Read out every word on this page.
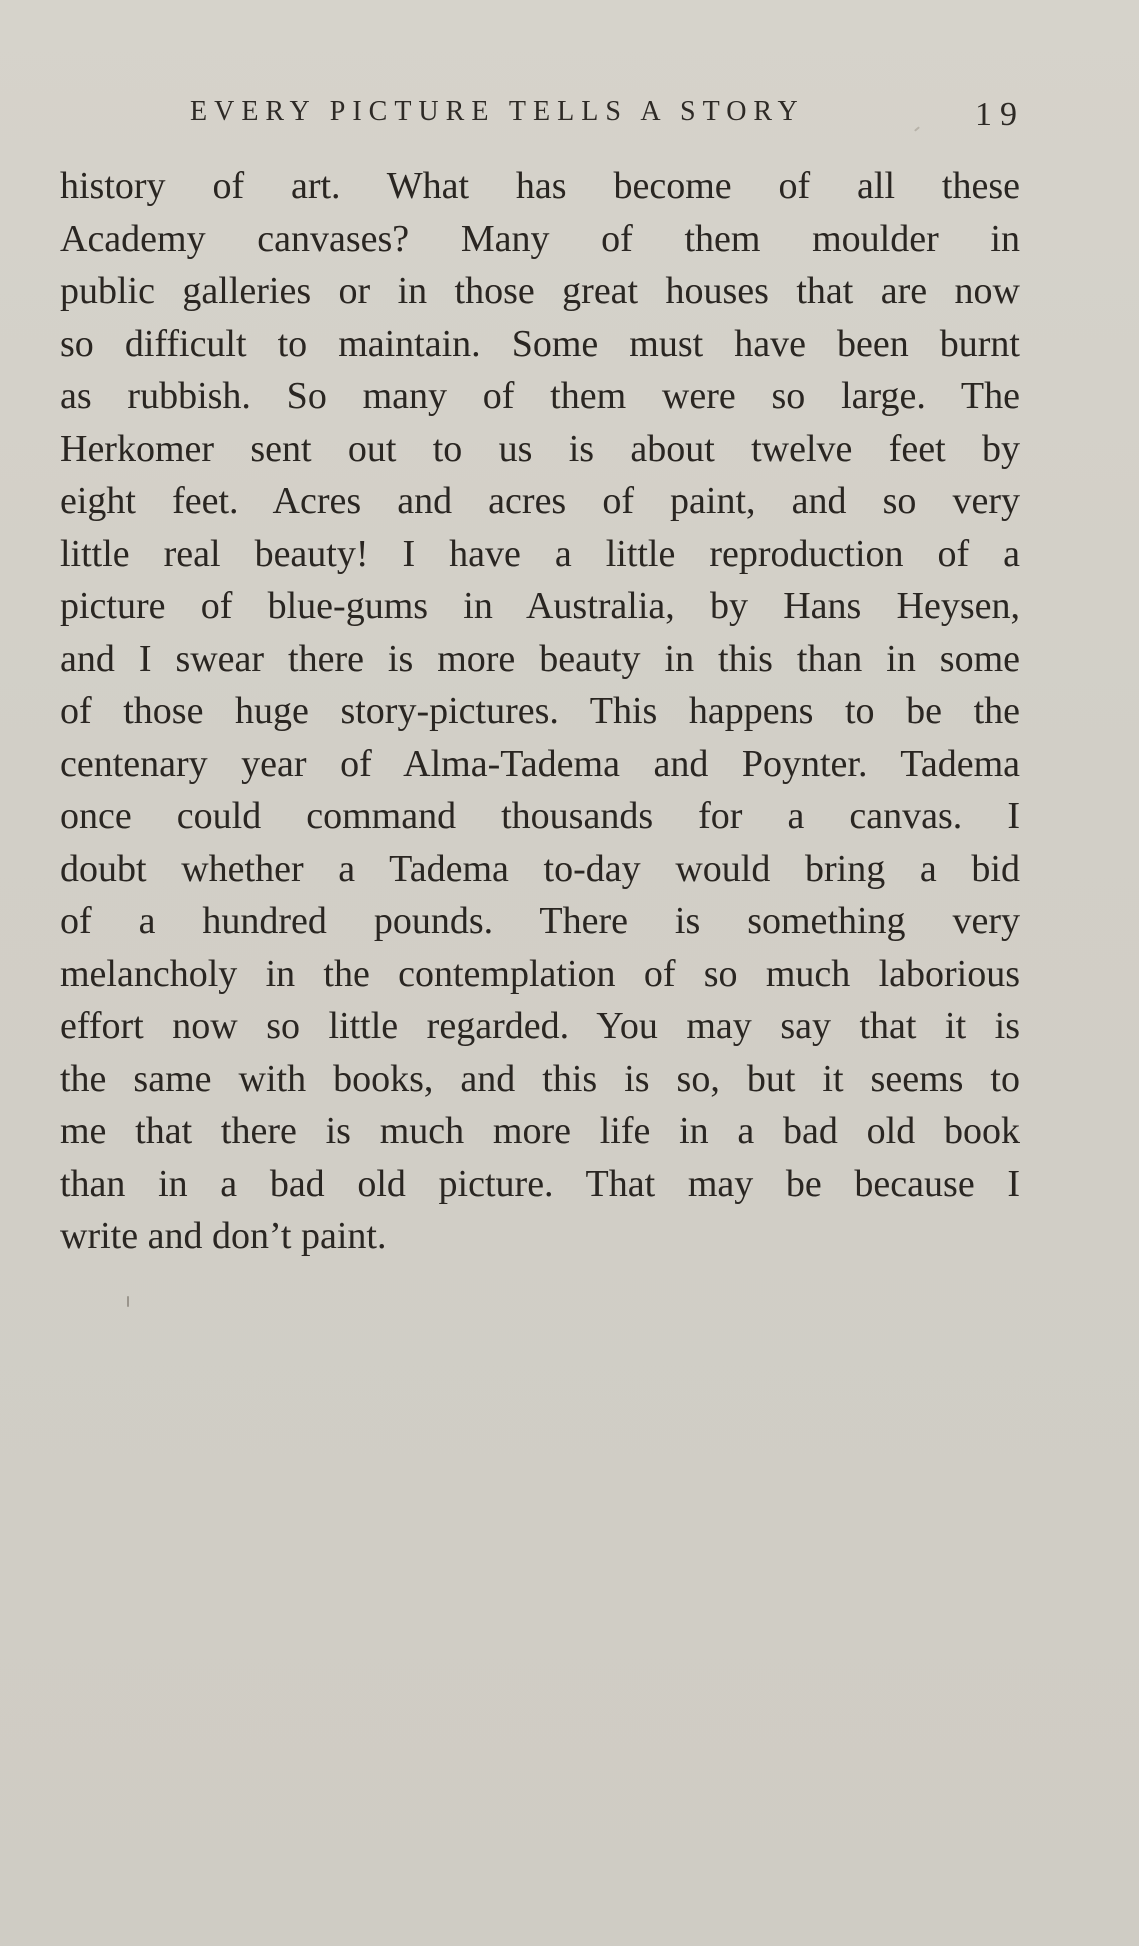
EVERY PICTURE TELLS A STORY	19
history of art. What has become of all these
Academy canvases? Many of them moulder in
public galleries or in those great houses that are now
so difficult to maintain. Some must have been burnt
as rubbish. So many of them were so large. The
Herkomer sent out to us is about twelve feet by
eight feet. Acres and acres of paint, and so very
little real beauty! I have a little reproduction of a
picture of blue-gums in Australia, by Hans Heysen,
and I swear there is more beauty in this than in some
of those huge story-pictures. This happens to be the
centenary year of Alma-Tadema and Poynter. Tadema
once could command thousands for a canvas. I
doubt whether a Tadema to-day would bring a bid
of a hundred pounds. There is something very
melancholy in the contemplation of so much laborious
effort now so little regarded. You may say that it is
the same with books, and this is so, but it seems to
me that there is much more life in a bad old book
than in a bad old picture. That may be because I
write and don’t paint.
